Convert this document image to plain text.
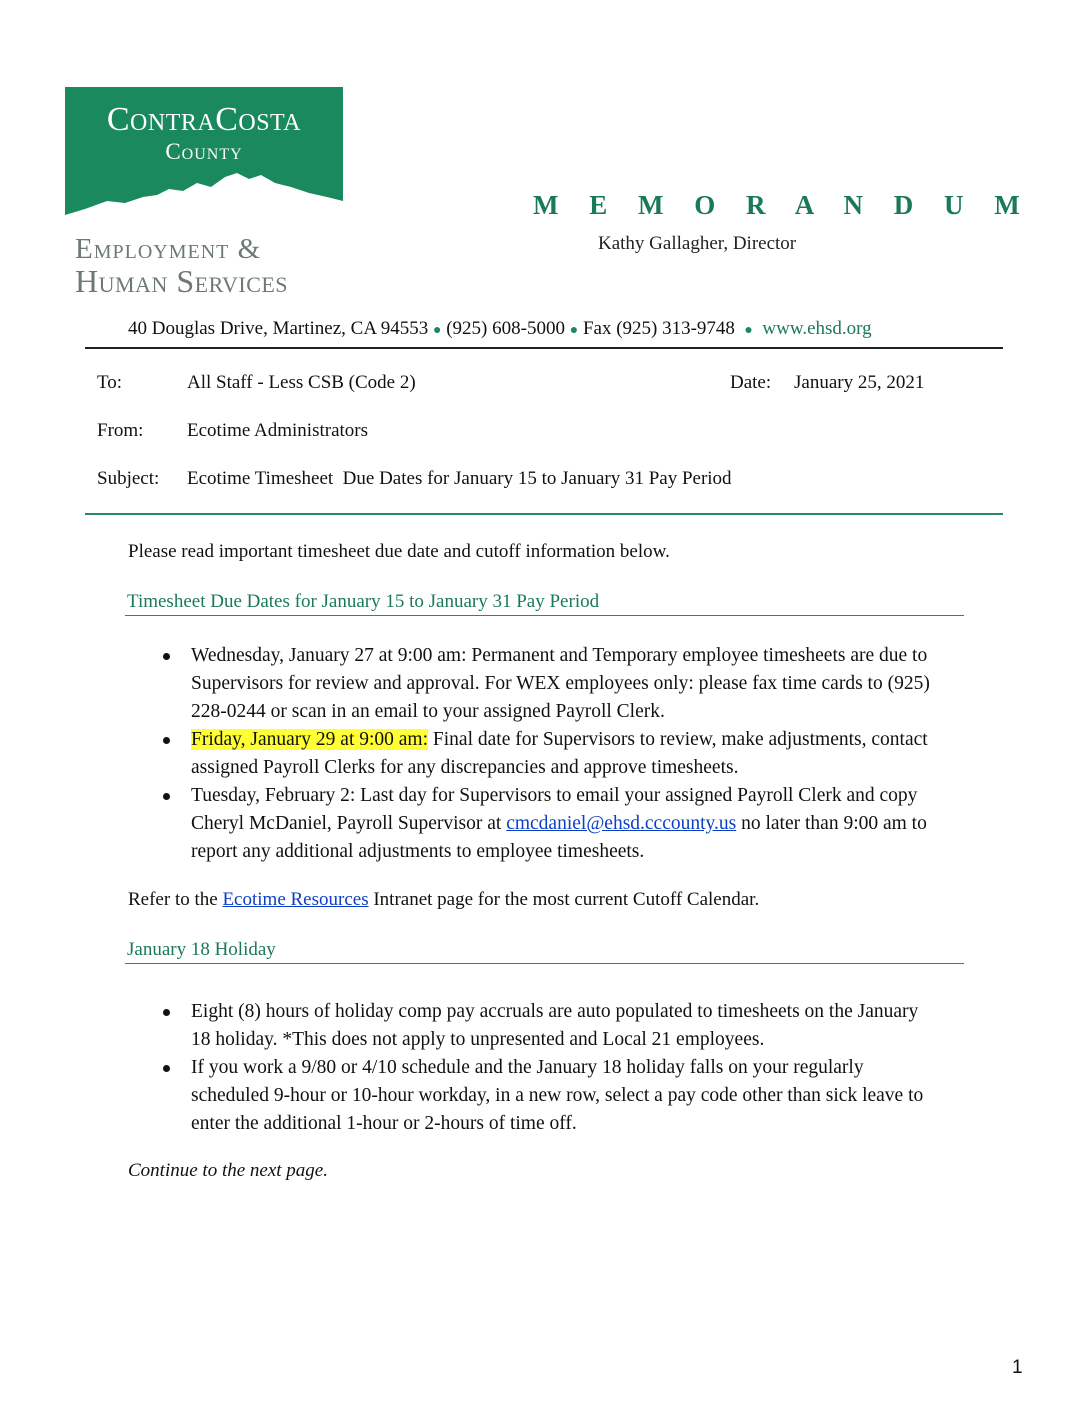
ContraCosta
County
Employment &
Human Services
M E M O R A N D U M
Kathy Gallagher, Director
40 Douglas Drive, Martinez, CA 94553 ● (925) 608-5000 ● Fax (925) 313-9748 ● www.ehsd.org
To:	All Staff - Less CSB (Code 2)	Date: January 25, 2021
From: Ecotime Administrators
Subject: Ecotime Timesheet  Due Dates for January 15 to January 31 Pay Period
Please read important timesheet due date and cutoff information below.
Timesheet Due Dates for January 15 to January 31 Pay Period
Wednesday, January 27 at 9:00 am: Permanent and Temporary employee timesheets are due to Supervisors for review and approval. For WEX employees only: please fax time cards to (925) 228-0244 or scan in an email to your assigned Payroll Clerk.
Friday, January 29 at 9:00 am: Final date for Supervisors to review, make adjustments, contact assigned Payroll Clerks for any discrepancies and approve timesheets.
Tuesday, February 2: Last day for Supervisors to email your assigned Payroll Clerk and copy Cheryl McDaniel, Payroll Supervisor at cmcdaniel@ehsd.cccounty.us no later than 9:00 am to report any additional adjustments to employee timesheets.
Refer to the Ecotime Resources Intranet page for the most current Cutoff Calendar.
January 18 Holiday
Eight (8) hours of holiday comp pay accruals are auto populated to timesheets on the January 18 holiday. *This does not apply to unpresented and Local 21 employees.
If you work a 9/80 or 4/10 schedule and the January 18 holiday falls on your regularly scheduled 9-hour or 10-hour workday, in a new row, select a pay code other than sick leave to enter the additional 1-hour or 2-hours of time off.
Continue to the next page.
1
